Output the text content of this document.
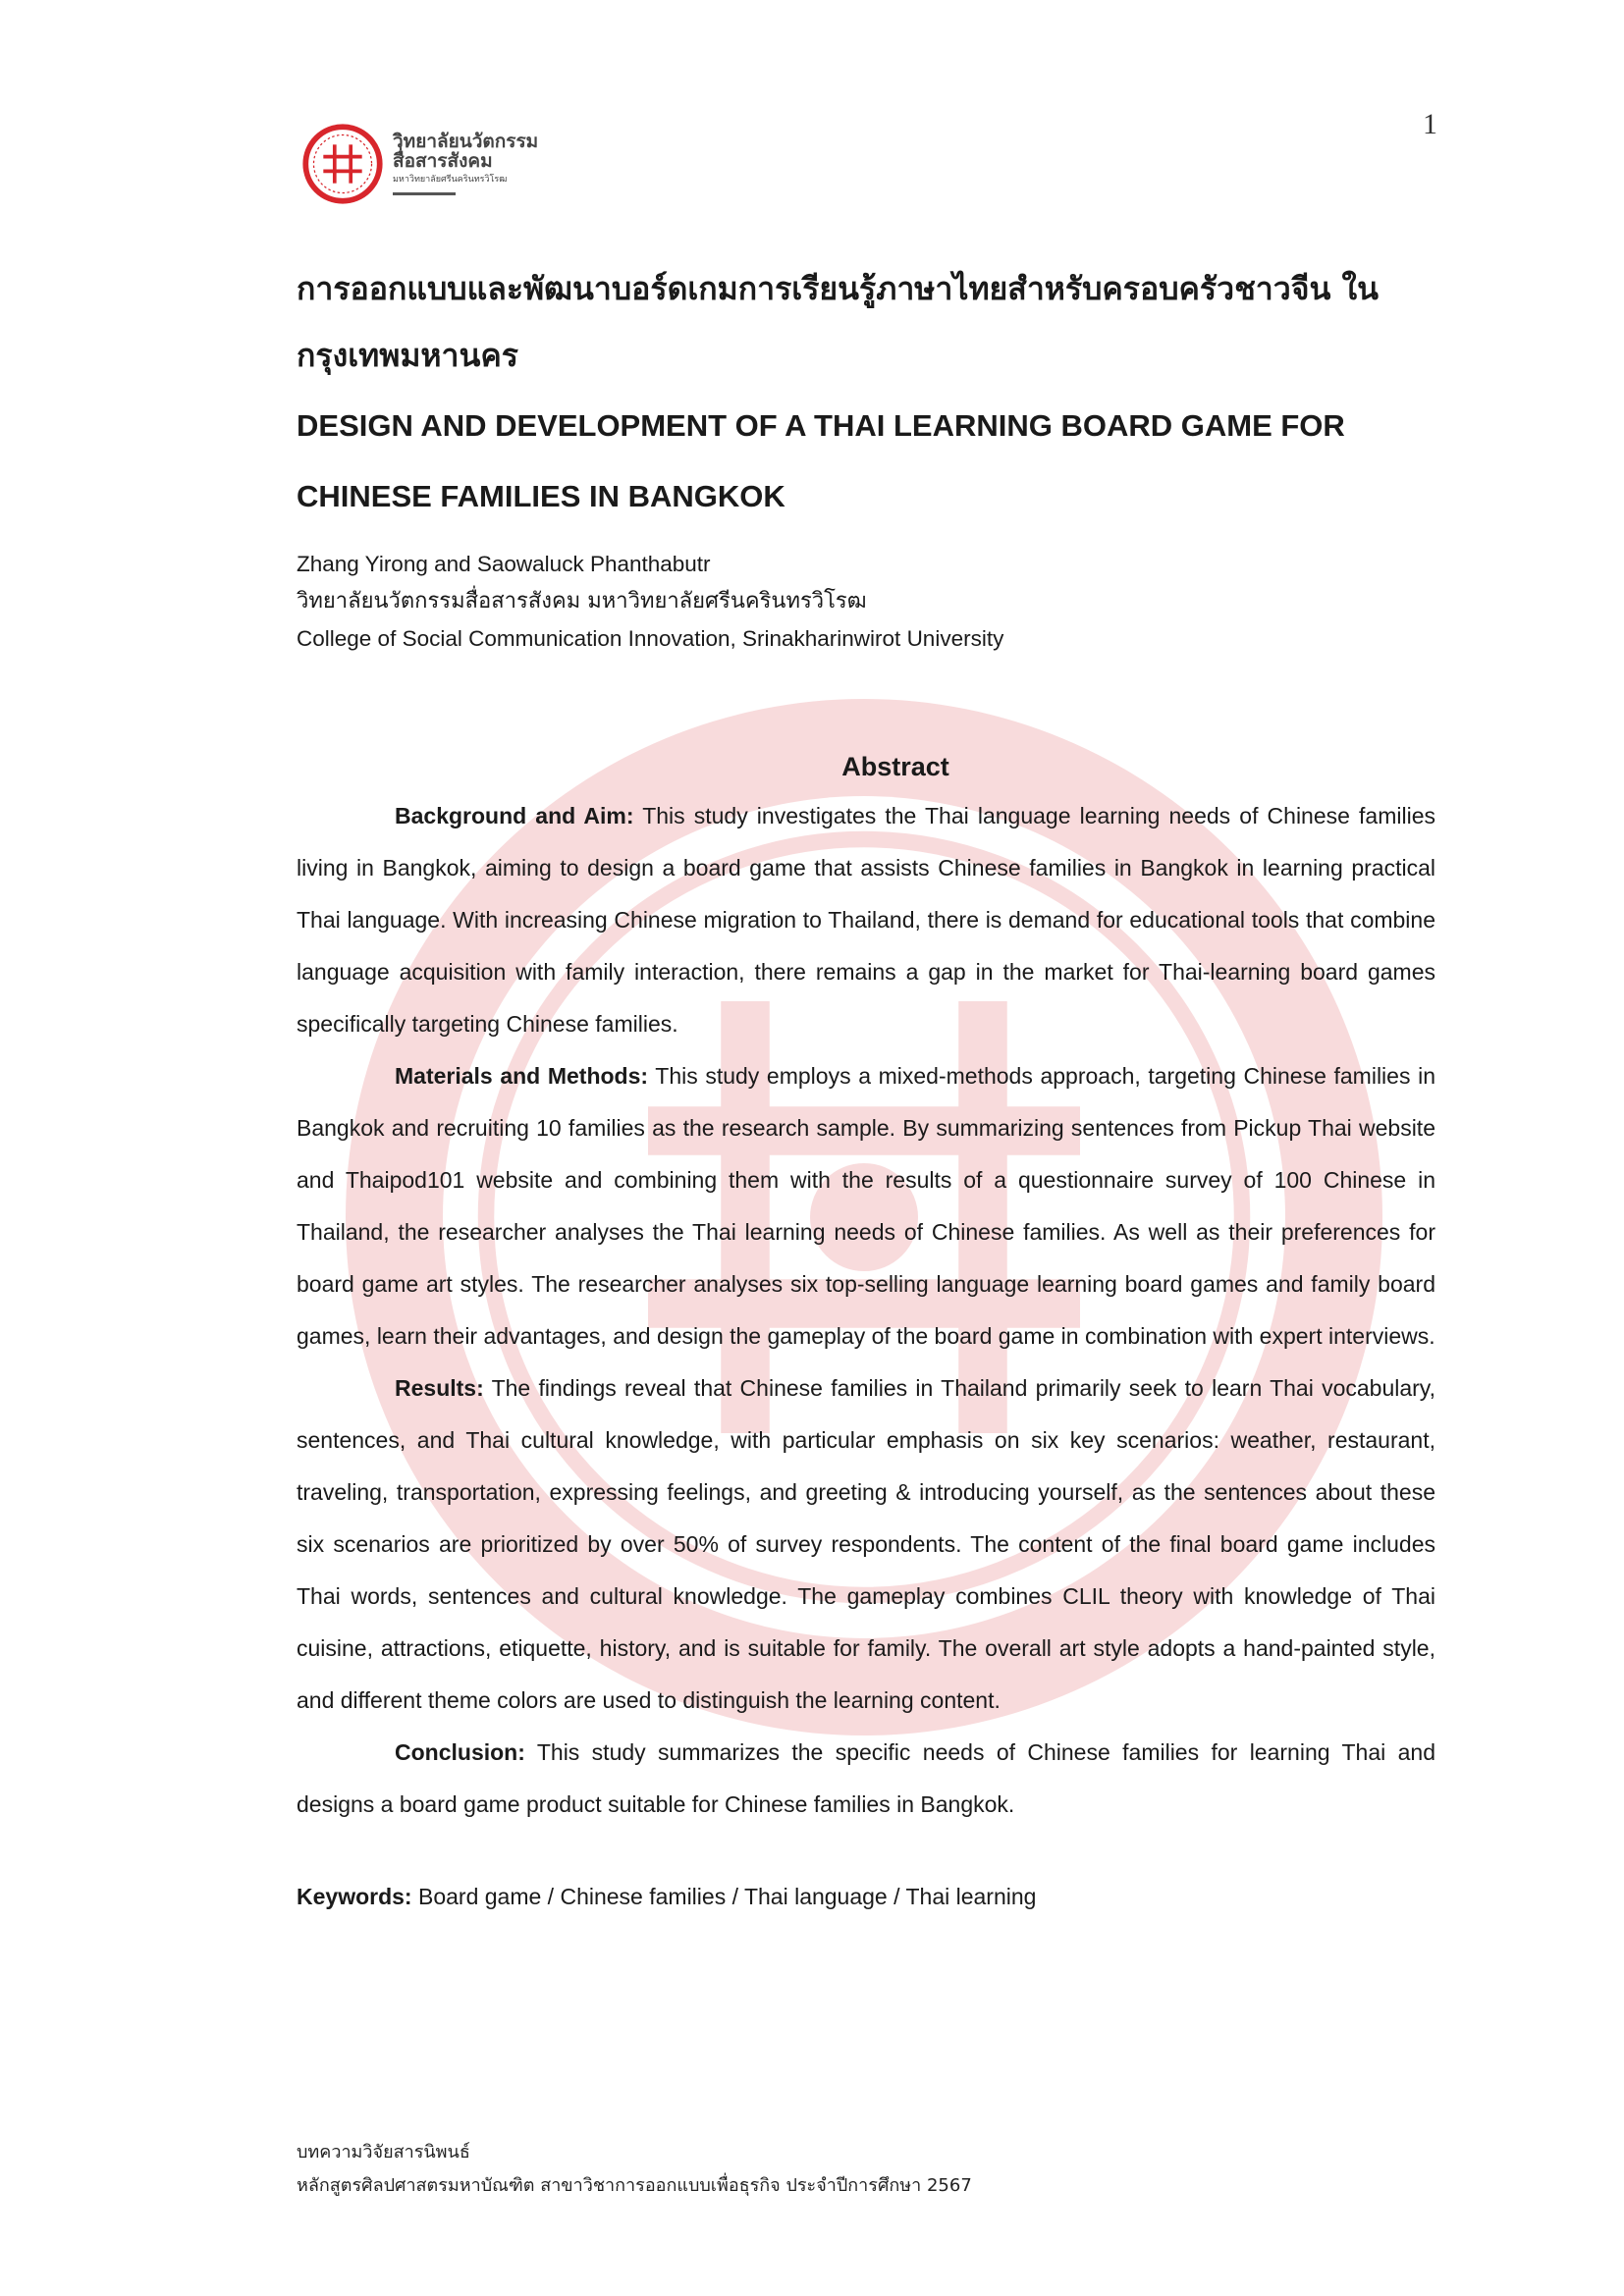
1
วิทยาลัยนวัตกรรม
สื่อสารสังคม
มหาวิทยาลัยศรีนครินทรวิโรฒ
การออกแบบและพัฒนาบอร์ดเกมการเรียนรู้ภาษาไทยสำหรับครอบครัวชาวจีน ในกรุงเทพมหานคร
DESIGN AND DEVELOPMENT OF A THAI LEARNING BOARD GAME FOR CHINESE FAMILIES IN BANGKOK
Zhang Yirong and Saowaluck Phanthabutr
วิทยาลัยนวัตกรรมสื่อสารสังคม มหาวิทยาลัยศรีนครินทรวิโรฒ
College of Social Communication Innovation, Srinakharinwirot University
Abstract

Background and Aim: This study investigates the Thai language learning needs of Chinese families living in Bangkok, aiming to design a board game that assists Chinese families in Bangkok in learning practical Thai language. With increasing Chinese migration to Thailand, there is demand for educational tools that combine language acquisition with family interaction, there remains a gap in the market for Thai-learning board games specifically targeting Chinese families.

Materials and Methods: This study employs a mixed-methods approach, targeting Chinese families in Bangkok and recruiting 10 families as the research sample. By summarizing sentences from Pickup Thai website and Thaipod101 website and combining them with the results of a questionnaire survey of 100 Chinese in Thailand, the researcher analyses the Thai learning needs of Chinese families. As well as their preferences for board game art styles. The researcher analyses six top-selling language learning board games and family board games, learn their advantages, and design the gameplay of the board game in combination with expert interviews.

Results: The findings reveal that Chinese families in Thailand primarily seek to learn Thai vocabulary, sentences, and Thai cultural knowledge, with particular emphasis on six key scenarios: weather, restaurant, traveling, transportation, expressing feelings, and greeting & introducing yourself, as the sentences about these six scenarios are prioritized by over 50% of survey respondents. The content of the final board game includes Thai words, sentences and cultural knowledge. The gameplay combines CLIL theory with knowledge of Thai cuisine, attractions, etiquette, history, and is suitable for family. The overall art style adopts a hand-painted style, and different theme colors are used to distinguish the learning content.

Conclusion: This study summarizes the specific needs of Chinese families for learning Thai and designs a board game product suitable for Chinese families in Bangkok.

Keywords: Board game / Chinese families / Thai language / Thai learning
บทความวิจัยสารนิพนธ์
หลักสูตรศิลปศาสตรมหาบัณฑิต สาขาวิชาการออกแบบเพื่อธุรกิจ ประจำปีการศึกษา 2567
